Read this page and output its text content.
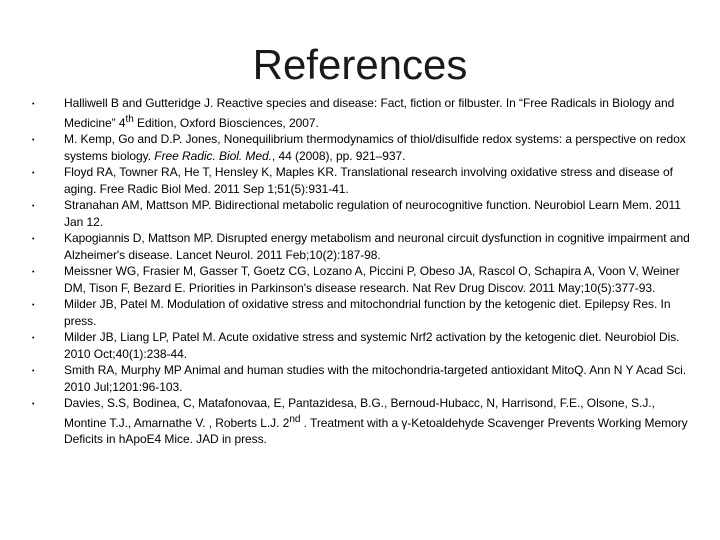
References
• Halliwell B and Gutteridge J. Reactive species and disease: Fact, fiction or filbuster. In “Free Radicals in Biology and Medicine” 4th Edition, Oxford Biosciences, 2007.
• M. Kemp, Go and D.P. Jones, Nonequilibrium thermodynamics of thiol/disulfide redox systems: a perspective on redox systems biology. Free Radic. Biol. Med., 44 (2008), pp. 921–937.
• Floyd RA, Towner RA, He T, Hensley K, Maples KR. Translational research involving oxidative stress and disease of aging. Free Radic Biol Med. 2011 Sep 1;51(5):931-41.
• Stranahan AM, Mattson MP. Bidirectional metabolic regulation of neurocognitive function. Neurobiol Learn Mem. 2011 Jan 12.
• Kapogiannis D, Mattson MP. Disrupted energy metabolism and neuronal circuit dysfunction in cognitive impairment and Alzheimer's disease. Lancet Neurol. 2011 Feb;10(2):187-98.
• Meissner WG, Frasier M, Gasser T, Goetz CG, Lozano A, Piccini P, Obeso JA, Rascol O, Schapira A, Voon V, Weiner DM, Tison F, Bezard E. Priorities in Parkinson's disease research. Nat Rev Drug Discov. 2011 May;10(5):377-93.
• Milder JB, Patel M. Modulation of oxidative stress and mitochondrial function by the ketogenic diet. Epilepsy Res. In press.
• Milder JB, Liang LP, Patel M. Acute oxidative stress and systemic Nrf2 activation by the ketogenic diet. Neurobiol Dis. 2010 Oct;40(1):238-44.
• Smith RA, Murphy MP Animal and human studies with the mitochondria-targeted antioxidant MitoQ. Ann N Y Acad Sci. 2010 Jul;1201:96-103.
• Davies, S.S, Bodinea, C, Matafonovaa, E, Pantazidesa, B.G., Bernoud-Hubacc, N, Harrisond, F.E., Olsone, S.J., Montine T.J., Amarnathe V. , Roberts L.J. 2nd . Treatment with a γ-Ketoaldehyde Scavenger Prevents Working Memory Deficits in hApoE4 Mice. JAD in press.
